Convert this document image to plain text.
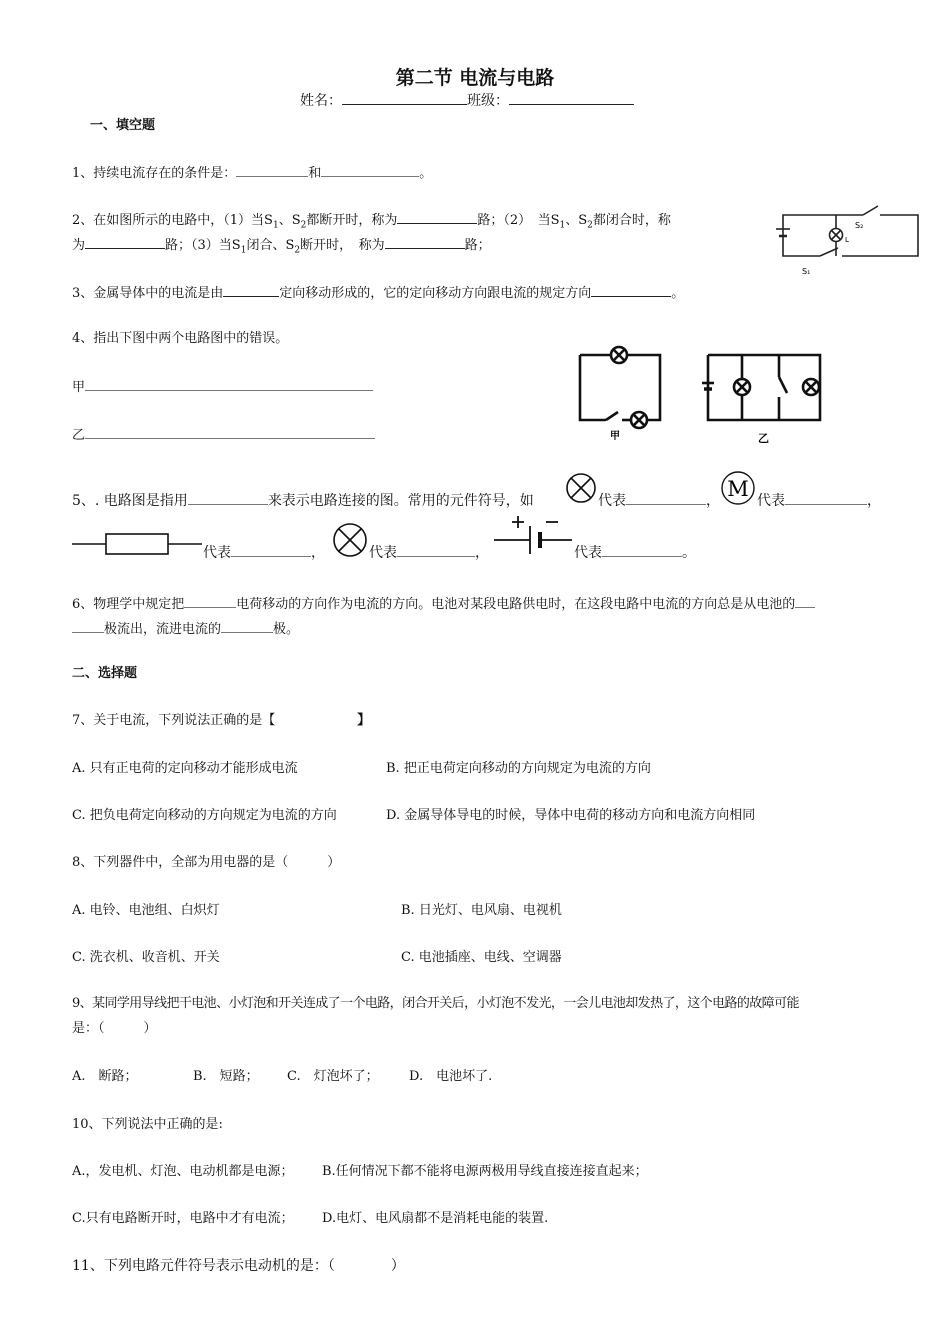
第二节 电流与电路
姓名：	班级：
一、填空题
1、持续电流存在的条件是：	和	。
2、在如图所示的电路中，（1）当$S_1$、$S_2$都断开时，称为	路；（2）　当$S_1$、$S_2$都闭合时，称
为	路；（3）当$S_1$闭合、$S_2$断开时，　称为	路；
S₂
L
S₁
3、金属导体中的电流是由	定向移动形成的，它的定向移动方向跟电流的规定方向	。
4、指出下图中两个电路图中的错误。
甲
乙	甲	乙
5、. 电路图是指用	来表示电路连接的图。常用的元件符号，如	代表	， M 代表	，
代表	，	代表	，	代表	。
6、物理学中规定把	电荷移动的方向作为电流的方向。电池对某段电路供电时，在这段电路中电流的方向总是从电池的
极流出，流进电流的	极。
二、选择题
7、关于电流，下列说法正确的是【	】
A. 只有正电荷的定向移动才能形成电流	B. 把正电荷定向移动的方向规定为电流的方向
C. 把负电荷定向移动的方向规定为电流的方向	D. 金属导体导电的时候，导体中电荷的移动方向和电流方向相同
8、下列器件中，全部为用电器的是（　　　）
A. 电铃、电池组、白炽灯	B. 日光灯、电风扇、电视机
C. 洗衣机、收音机、开关	C. 电池插座、电线、空调器
9、某同学用导线把干电池、小灯泡和开关连成了一个电路，闭合开关后，小灯泡不发光，一会儿电池却发热了，这个电路的故障可能
是：（　　　）
A.　断路；	B.　短路； C.　灯泡坏了； D.　电池坏了.
10、下列说法中正确的是:
A.，发电机、灯泡、电动机都是电源； B.任何情况下都不能将电源两极用导线直接连接直起来；
C.只有电路断开时，电路中才有电流； D.电灯、电风扇都不是消耗电能的装置.
11、下列电路元件符号表示电动机的是：（　　　　）
